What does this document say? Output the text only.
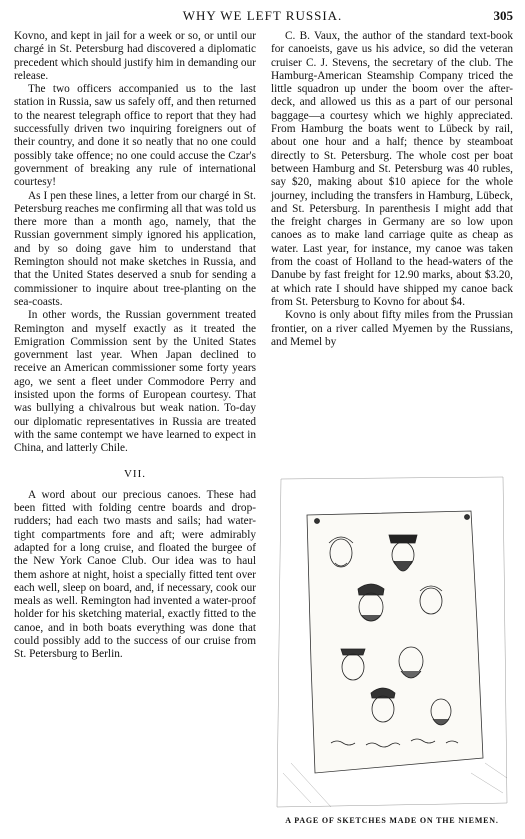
WHY WE LEFT RUSSIA.	305

Kovno, and kept in jail for a week or so, or until our chargé in St. Petersburg had discovered a diplomatic precedent which should justify him in demanding our release.

The two officers accompanied us to the last station in Russia, saw us safely off, and then returned to the nearest telegraph office to report that they had successfully driven two inquiring foreigners out of their country, and done it so neatly that no one could possibly take offence; no one could accuse the Czar's government of breaking any rule of international courtesy!

As I pen these lines, a letter from our chargé in St. Petersburg reaches me confirming all that was told us there more than a month ago, namely, that the Russian government simply ignored his application, and by so doing gave him to understand that Remington should not make sketches in Russia, and that the United States deserved a snub for sending a commissioner to inquire about tree-planting on the sea-coasts.

In other words, the Russian government treated Remington and myself exactly as it treated the Emigration Commission sent by the United States government last year. When Japan declined to receive an American commissioner some forty years ago, we sent a fleet under Commodore Perry and insisted upon the forms of European courtesy. That was bullying a chivalrous but weak nation. To-day our diplomatic representatives in Russia are treated with the same contempt we have learned to expect in China, and latterly Chile.

VII.

A word about our precious canoes. These had been fitted with folding centre boards and drop-rudders; had each two masts and sails; had water-tight compartments fore and aft; were admirably adapted for a long cruise, and floated the burgee of the New York Canoe Club. Our idea was to haul them ashore at night, hoist a specially fitted tent over each well, sleep on board, and, if necessary, cook our meals as well. Remington had invented a water-proof holder for his sketching material, exactly fitted to the canoe, and in both boats everything was done that could possibly add to the success of our cruise from St. Petersburg to Berlin.

C. B. Vaux, the author of the standard text-book for canoeists, gave us his advice, so did the veteran cruiser C. J. Stevens, the secretary of the club. The Hamburg-American Steamship Company triced the little squadron up under the boom over the after-deck, and allowed us this as a part of our personal baggage—a courtesy which we highly appreciated. From Hamburg the boats went to Lübeck by rail, about one hour and a half; thence by steamboat directly to St. Petersburg. The whole cost per boat between Hamburg and St. Petersburg was 40 rubles, say $20, making about $10 apiece for the whole journey, including the transfers in Hamburg, Lübeck, and St. Petersburg. In parenthesis I might add that the freight charges in Germany are so low upon canoes as to make land carriage quite as cheap as water. Last year, for instance, my canoe was taken from the coast of Holland to the head-waters of the Danube by fast freight for 12.90 marks, about $3.20, at which rate I should have shipped my canoe back from St. Petersburg to Kovno for about $4.

Kovno is only about fifty miles from the Prussian frontier, on a river called Myemen by the Russians, and Memel by

A PAGE OF SKETCHES MADE ON THE NIEMEN.
